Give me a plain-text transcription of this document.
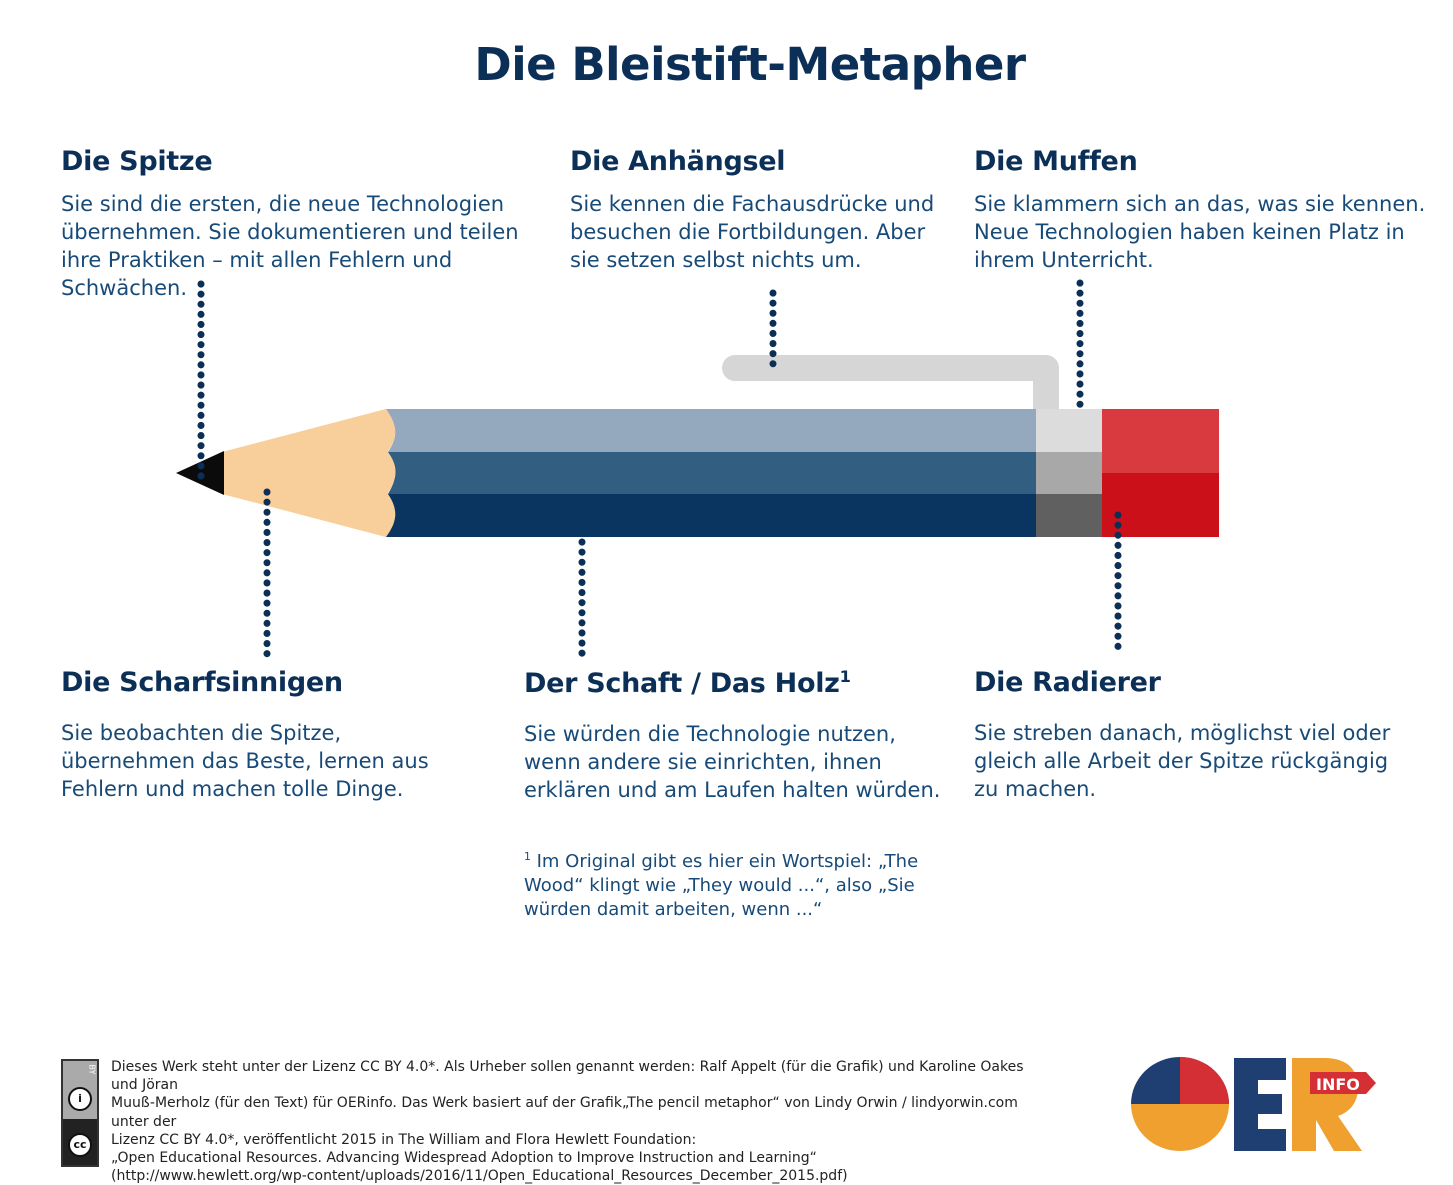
Die Bleistift-Metapher
INFO
Die Spitze

Sie sind die ersten, die neue Technologien übernehmen. Sie dokumentieren und teilen ihre Praktiken – mit allen Fehlern und Schwächen.

Die Anhängsel

Sie kennen die Fachausdrücke und besuchen die Fortbildungen. Aber sie setzen selbst nichts um.

Die Muffen

Sie klammern sich an das, was sie kennen. Neue Technologien haben keinen Platz in ihrem Unterricht.

Die Scharfsinnigen

Sie beobachten die Spitze, übernehmen das Beste, lernen aus Fehlern und machen tolle Dinge.

Der Schaft / Das Holz$^1$

Sie würden die Technologie nutzen, wenn andere sie einrichten, ihnen erklären und am Laufen halten würden.

Die Radierer

Sie streben danach, möglichst viel oder gleich alle Arbeit der Spitze rückgängig zu machen.

$^1$ Im Original gibt es hier ein Wortspiel: „The Wood“ klingt wie „They would ...“, also „Sie würden damit arbeiten, wenn ...“
i
BY
cc
Dieses Werk steht unter der Lizenz CC BY 4.0*. Als Urheber sollen genannt werden: Ralf Appelt (für die Grafik) und Karoline Oakes und Jöran
Muuß-Merholz (für den Text) für OERinfo. Das Werk basiert auf der Grafik„The pencil metaphor“ von Lindy Orwin / lindyorwin.com unter der
Lizenz CC BY 4.0*, veröffentlicht 2015 in The William and Flora Hewlett Foundation:
„Open Educational Resources. Advancing Widespread Adoption to Improve Instruction and Learning“
(http://www.hewlett.org/wp-content/uploads/2016/11/Open_Educational_Resources_December_2015.pdf)
